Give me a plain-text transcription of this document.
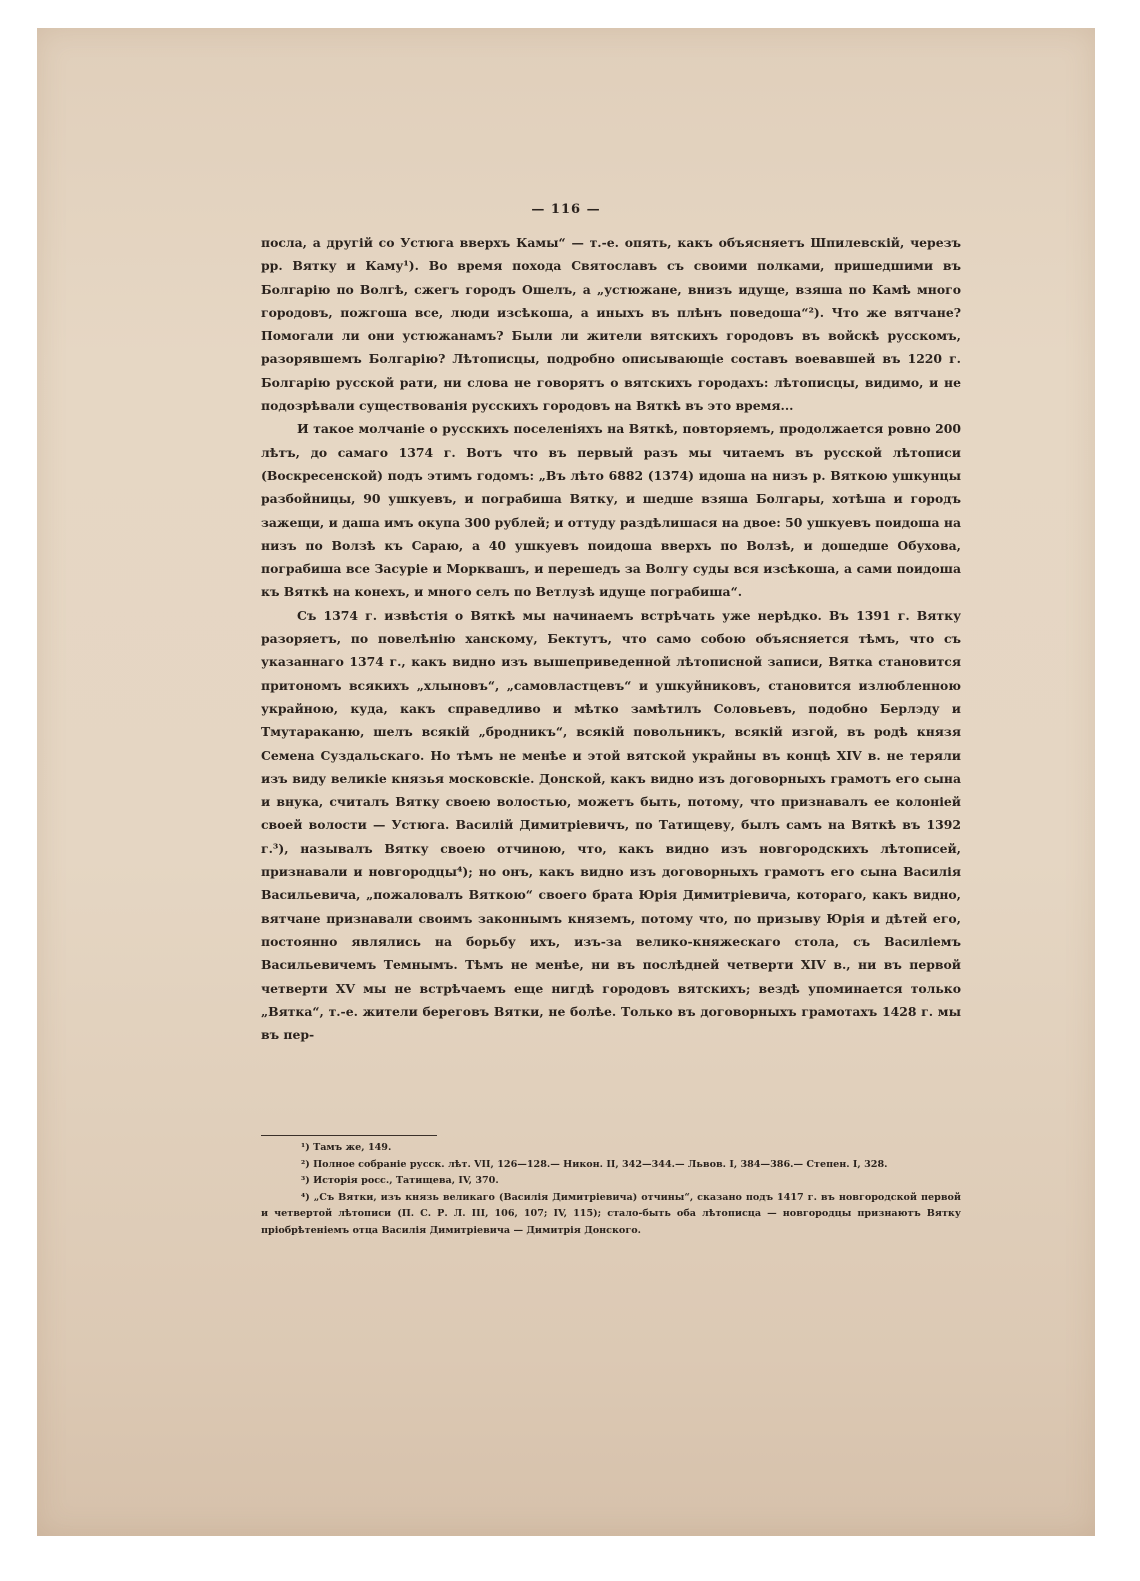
— 116 —

посла, а другій со Устюга вверхъ Камы“ — т.-е. опять, какъ объясняетъ Шпилевскій, черезъ рр. Вятку и Каму¹). Во время похода Святославъ съ своими полками, пришедшими въ Болгарію по Волгѣ, сжегъ городъ Ошелъ, а „устюжане, внизъ идуще, взяша по Камѣ много городовъ, пожгоша все, люди изсѣкоша, а иныхъ въ плѣнъ поведоша“²). Что же вятчане? Помогали ли они устюжанамъ? Были ли жители вятскихъ городовъ въ войскѣ русскомъ, разорявшемъ Болгарію? Лѣтописцы, подробно описывающіе составъ воевавшей въ 1220 г. Болгарію русской рати, ни слова не говорятъ о вятскихъ городахъ: лѣтописцы, видимо, и не подозрѣвали существованія русскихъ городовъ на Вяткѣ въ это время...

И такое молчаніе о русскихъ поселеніяхъ на Вяткѣ, повторяемъ, продолжается ровно 200 лѣтъ, до самаго 1374 г. Вотъ что въ первый разъ мы читаемъ въ русской лѣтописи (Воскресенской) подъ этимъ годомъ: „Въ лѣто 6882 (1374) идоша на низъ р. Вяткою ушкунцы разбойницы, 90 ушкуевъ, и пограбиша Вятку, и шедше взяша Болгары, хотѣша и городъ зажещи, и даша имъ окупа 300 рублей; и оттуду раздѣлишася на двое: 50 ушкуевъ поидоша на низъ по Волзѣ къ Сараю, а 40 ушкуевъ поидоша вверхъ по Волзѣ, и дошедше Обухова, пограбиша все Засуріе и Морквашъ, и перешедъ за Волгу суды вся изсѣкоша, а сами поидоша къ Вяткѣ на конехъ, и много селъ по Ветлузѣ идуще пограбиша“.

Съ 1374 г. извѣстія о Вяткѣ мы начинаемъ встрѣчать уже нерѣдко. Въ 1391 г. Вятку разоряетъ, по повелѣнію ханскому, Бектутъ, что само собою объясняется тѣмъ, что съ указаннаго 1374 г., какъ видно изъ вышеприведенной лѣтописной записи, Вятка становится притономъ всякихъ „хлыновъ“, „самовластцевъ“ и ушкуйниковъ, становится излюбленною украйною, куда, какъ справедливо и мѣтко замѣтилъ Соловьевъ, подобно Берлэду и Тмутараканю, шелъ всякій „бродникъ“, всякій повольникъ, всякій изгой, въ родѣ князя Семена Суздальскаго. Но тѣмъ не менѣе и этой вятской украйны въ концѣ XIV в. не теряли изъ виду великіе князья московскіе. Донской, какъ видно изъ договорныхъ грамотъ его сына и внука, считалъ Вятку своею волостью, можетъ быть, потому, что признавалъ ее колоніей своей волости — Устюга. Василій Димитріевичъ, по Татищеву, былъ самъ на Вяткѣ въ 1392 г.³), называлъ Вятку своею отчиною, что, какъ видно изъ новгородскихъ лѣтописей, признавали и новгородцы⁴); но онъ, какъ видно изъ договорныхъ грамотъ его сына Василія Васильевича, „пожаловалъ Вяткою“ своего брата Юрія Димитріевича, котораго, какъ видно, вятчане признавали своимъ законнымъ княземъ, потому что, по призыву Юрія и дѣтей его, постоянно являлись на борьбу ихъ, изъ-за велико-княжескаго стола, съ Василіемъ Васильевичемъ Темнымъ. Тѣмъ не менѣе, ни въ послѣдней четверти XIV в., ни въ первой четверти XV мы не встрѣчаемъ еще нигдѣ городовъ вятскихъ; вездѣ упоминается только „Вятка“, т.-е. жители береговъ Вятки, не болѣе. Только въ договорныхъ грамотахъ 1428 г. мы въ пер-

¹) Тамъ же, 149.

²) Полное собраніе русск. лѣт. VII, 126—128.— Никон. II, 342—344.— Львов. I, 384—386.— Степен. I, 328.

³) Исторія росс., Татищева, IV, 370.

⁴) „Съ Вятки, изъ князь великаго (Василія Димитріевича) отчины“, сказано подъ 1417 г. въ новгородской первой и четвертой лѣтописи (П. С. Р. Л. III, 106, 107; IV, 115); стало-быть оба лѣтописца — новгородцы признаютъ Вятку пріобрѣтеніемъ отца Василія Димитріевича — Димитрія Донского.
